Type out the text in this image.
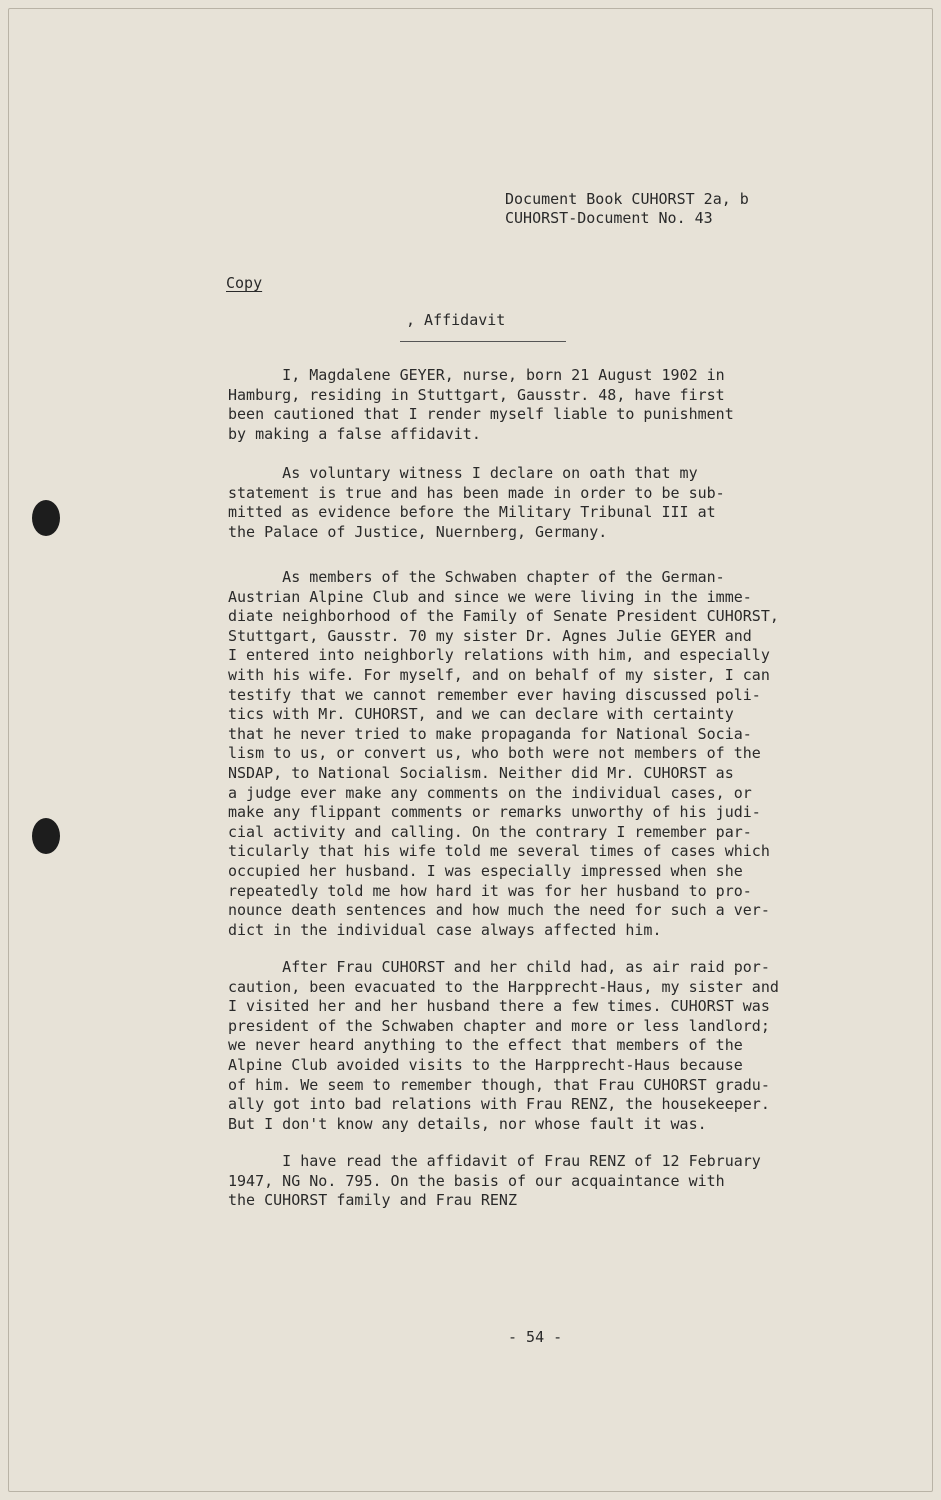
Document Book CUHORST 2a, b
CUHORST-Document No. 43
Copy
, Affidavit
I, Magdalene GEYER, nurse, born 21 August 1902 in
Hamburg, residing in Stuttgart, Gausstr. 48, have first
been cautioned that I render myself liable to punishment
by making a false affidavit.
As voluntary witness I declare on oath that my
statement is true and has been made in order to be sub-
mitted as evidence before the Military Tribunal III at
the Palace of Justice, Nuernberg, Germany.
As members of the Schwaben chapter of the German-
Austrian Alpine Club and since we were living in the imme-
diate neighborhood of the Family of Senate President CUHORST,
Stuttgart, Gausstr. 70 my sister Dr. Agnes Julie GEYER and
I entered into neighborly relations with him, and especially
with his wife. For myself, and on behalf of my sister, I can
testify that we cannot remember ever having discussed poli-
tics with Mr. CUHORST, and we can declare with certainty
that he never tried to make propaganda for National Socia-
lism to us, or convert us, who both were not members of the
NSDAP, to National Socialism. Neither did Mr. CUHORST as
a judge ever make any comments on the individual cases, or
make any flippant comments or remarks unworthy of his judi-
cial activity and calling. On the contrary I remember par-
ticularly that his wife told me several times of cases which
occupied her husband. I was especially impressed when she
repeatedly told me how hard it was for her husband to pro-
nounce death sentences and how much the need for such a ver-
dict in the individual case always affected him.
After Frau CUHORST and her child had, as air raid por-
caution, been evacuated to the Harpprecht-Haus, my sister and
I visited her and her husband there a few times. CUHORST was
president of the Schwaben chapter and more or less landlord;
we never heard anything to the effect that members of the
Alpine Club avoided visits to the Harpprecht-Haus because
of him. We seem to remember though, that Frau CUHORST gradu-
ally got into bad relations with Frau RENZ, the housekeeper.
But I don't know any details, nor whose fault it was.
I have read the affidavit of Frau RENZ of 12 February
1947, NG No. 795. On the basis of our acquaintance with
the CUHORST family and Frau RENZ
- 54 -
